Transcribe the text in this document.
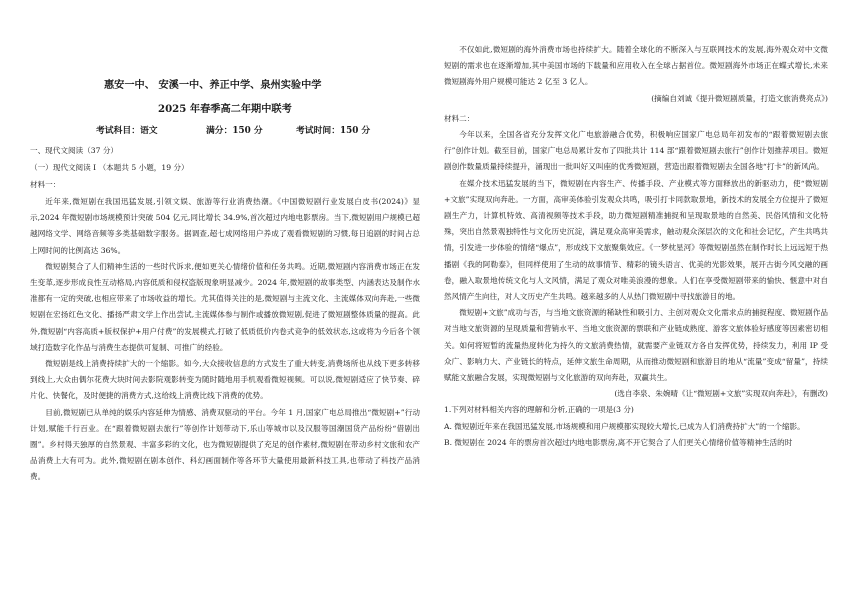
惠安一中、 安溪一中、养正中学、泉州实验中学
2025 年春季高二年期中联考
考试科目：语文	满分：150 分	考试时间：150 分
一、现代文阅读（37 分）
（一）现代文阅读 I （本题共 5 小题，19 分）
材料一：

近年来,微短剧在我国迅猛发展,引领文娱、旅游等行业消费热潮。《中国微短剧行业发展白皮书(2024)》显示,2024 年微短剧市场规模预计突破 504 亿元,同比增长 34.9%,首次超过内地电影票房。当下,微短剧用户规模已超越网络文学、网络音频等多类基础数字服务。据调查,超七成网络用户养成了观看微短剧的习惯,每日追剧的时间占总上网时间的比例高达 36%。

微短剧契合了人们精神生活的一些时代诉求,便如更关心情绪价值和任务共鸣。近期,微短剧内容消费市场正在发生变革,逐步形成良性互动格局,内容低质和侵权盗版现象明显减少。2024 年,微短剧的故事类型、内涵表达及制作水准都有一定的突破,也相应带来了市场收益的增长。尤其值得关注的是,微短剧与主流文化、主流媒体双向奔赴,一些微短剧在宏扬红色文化、播扬严肃文学上作出尝试,主流媒体参与制作或播放微短剧,促进了微短剧整体质量的提高。此外,微短剧“内容高质+版权保护+用户付费”的发展模式,打破了低质低价内卷式竞争的低效状态,这或将为今后各个领域打造数字化作品与消费生态提供可复制、可推广的经验。

微短剧是线上消费持续扩大的一个缩影。如今,大众接收信息的方式发生了重大转变,消费场所也从线下更多转移到线上,大众由偶尔花费大块时间去影院观影转变为随时随地用手机观看微短视频。可以说,微短剧适应了快节奏、碎片化、快餐化，及时便捷的消费方式,这给线上消费比线下消费的优势。

目前,微短剧已从单纯的娱乐内容延伸为情感、消费双驱动的平台。今年 1 月,国家广电总局推出“微短剧+”行动计划,赋能千行百业。在“跟着微短剧去旅行”等创作计划带动下,乐山等城市以及汉服等国潮国货产品纷纷“借剧出圈”。乡村得天独厚的自然景观、丰富多彩的文化，也为微短剧提供了充足的创作素材,微短剧在带动乡村文旅和农产品消费上大有可为。此外,微短剧在剧本创作、科幻画面制作等各环节大量使用最新科技工具,也带动了科技产品消费。

不仅如此,微短剧的海外消费市场也持续扩大。随着全球化的不断深入与互联网技术的发展,海外观众对中文微短剧的需求也在逐渐增加,其中美国市场的下载量和应用收入在全球占据首位。微短剧海外市场正在蝶式增长,未来微短剧海外用户规模可能达 2 亿至 3 亿人。

(摘编自刘诚《提升微短剧质量，打造文旅消费亮点》)

材料二：

今年以来，全国各省充分发挥文化广电旅游融合优势，积极响应国家广电总局年初发布的“跟着微短剧去旅行”创作计划。截至目前，国家广电总局累计发布了四批共计 114 部“跟着微短剧去旅行”创作计划推荐项目。微短剧创作数量质量持续提升，涌现出一批叫好又叫座的优秀微短剧，营造出跟着微短剧去全国各地“打卡”的新风尚。

在媒介技术迅猛发展的当下，微短剧在内容生产、传播手段、产业模式等方面释放出的新驱动力，使“微短剧+文旅”实现双向奔赴。一方面，高审美体验引发观众共鸣，吸引打卡同款取景地，新技术的发展全方位提升了微短剧生产力，计算机特效、高清视频等技术手段，助力微短剧精准捕捉和呈现取景地的自然美、民俗风情和文化特殊，突出自然景观独特性与文化历史沉淀，满足观众高审美需求，触动观众深层次的文化和社会记忆，产生共鸣共情，引发进一步体验的情绪“爆点”，形成线下文旅聚集效应。《一梦枕星河》等微短剧虽然在制作时长上远远短于热播剧《我的阿勒泰》，但同样使用了生动的故事情节、精彩的镜头语言、优美的光影效果，展开古街今风交融的画卷，融入取景地传统文化与人文风情，满足了观众对唯美浪漫的想象。人们在享受微短剧带来的愉快、惬意中对自然风情产生向往，对人文历史产生共鸣。越来越多的人从热门微短剧中寻找旅游目的地。

微短剧+文旅”成功与否，与当地文旅资源的稀缺性和吸引力、主创对观众文化需求点的捕捉程度、微短剧作品对当地文旅资源的呈现质量和营销水平、当地文旅资源的票联和产业链成熟度、游客文旅体验好感度等因素密切相关。如何将短暂的流量热度转化为持久的文旅消费热情，就需要产业链双方各自发挥优势，持续发力，利用 IP 受众广、影响力大、产业链长的特点，延伸文旅生命周期，从而推动微短剧和旅游目的地从“流量”变成“留量”，持续赋能文旅融合发展，实现微短剧与文化旅游的双向奔赴，双赢共生。

(选自李泉、朱婉晴《让“微短剧+文旅”实现双向奔赴》，有删改)

1.下列对材料相关内容的理解和分析,正确的一项是(3 分)

A. 微短剧近年来在我国迅猛发展,市场规模和用户规模都实现较大增长,已成为人们消费持扩大”的一个缩影。

B. 微短剧在 2024 年的票房首次超过内地电影票房,离不开它契合了人们更关心情绪价值等精神生活的时
